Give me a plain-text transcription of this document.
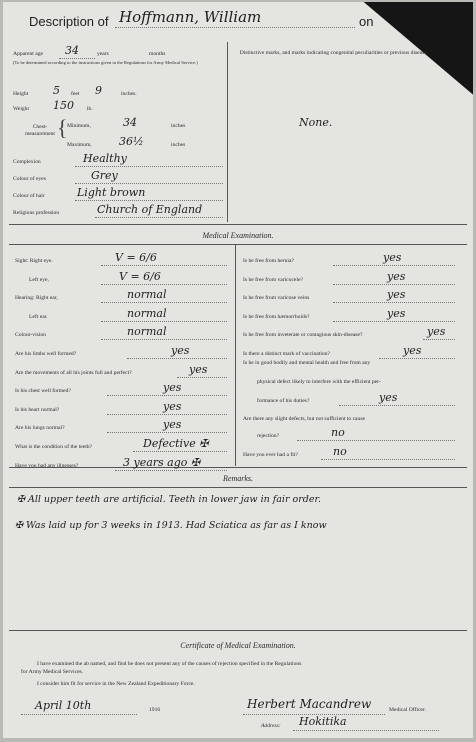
Description of Hoffmann, William	on
Apparent age 34	years	months
(To be determined according to the instructions given in the Regulations for Army Medical Service.)
Height 5 feet 9	inches.
Weight 150 lb.
Chest-measurement { Minimum,	34	inches
Maximum, 36½	inches
Complexion	Healthy
Colour of eyes	Grey
Colour of hair	Light brown
Religious profession	Church of England
Distinctive marks, and marks indicating congenital peculiarities or previous disease.
None.
Medical Examination.
Is he in good bodily and mental health and free from any
physical defect likely to interfere with the efficient per-
formance of his duties?	yes
Are there any slight defects, but not sufficient to cause
rejection?	no
Have you ever had a fit?	no
Remarks.
✠ All upper teeth are artificial. Teeth in lower jaw in fair order.
✠ Was laid up for 3 weeks in 1913. Had Sciatica as far as I know
Certificate of Medical Examination.
I have examined the ab named, and find he does not present any of the causes of rejection specified in the Regulations
for Army Medical Services.
I consider him fit for service in the New Zealand Expeditionary Force.
April 10th	1916	Herbert Macandrew	Medical Officer.
Address: Hokitika
Sight: Right eye.	V = 6/6
Left eye,	V = 6/6
Hearing: Right ear,	normal
Left ear.	normal
Colour-vision	normal
Are his limbs well formed?	yes
Are the movements of all his joints full and perfect?	yes
Is his chest well formed?	yes
Is his heart normal?	yes
Are his lungs normal?	yes
What is the condition of the teeth?	Defective ✠
Have you had any illnesses?	3 years ago ✠
Is he free from hernia?	yes
Is he free from varicocele?	yes
Is he free from varicose veins	yes
Is he free from hæmorrhoids?	yes
Is he free from inveterate or contagious skin-disease?	yes
Is there a distinct mark of vaccination?	yes
